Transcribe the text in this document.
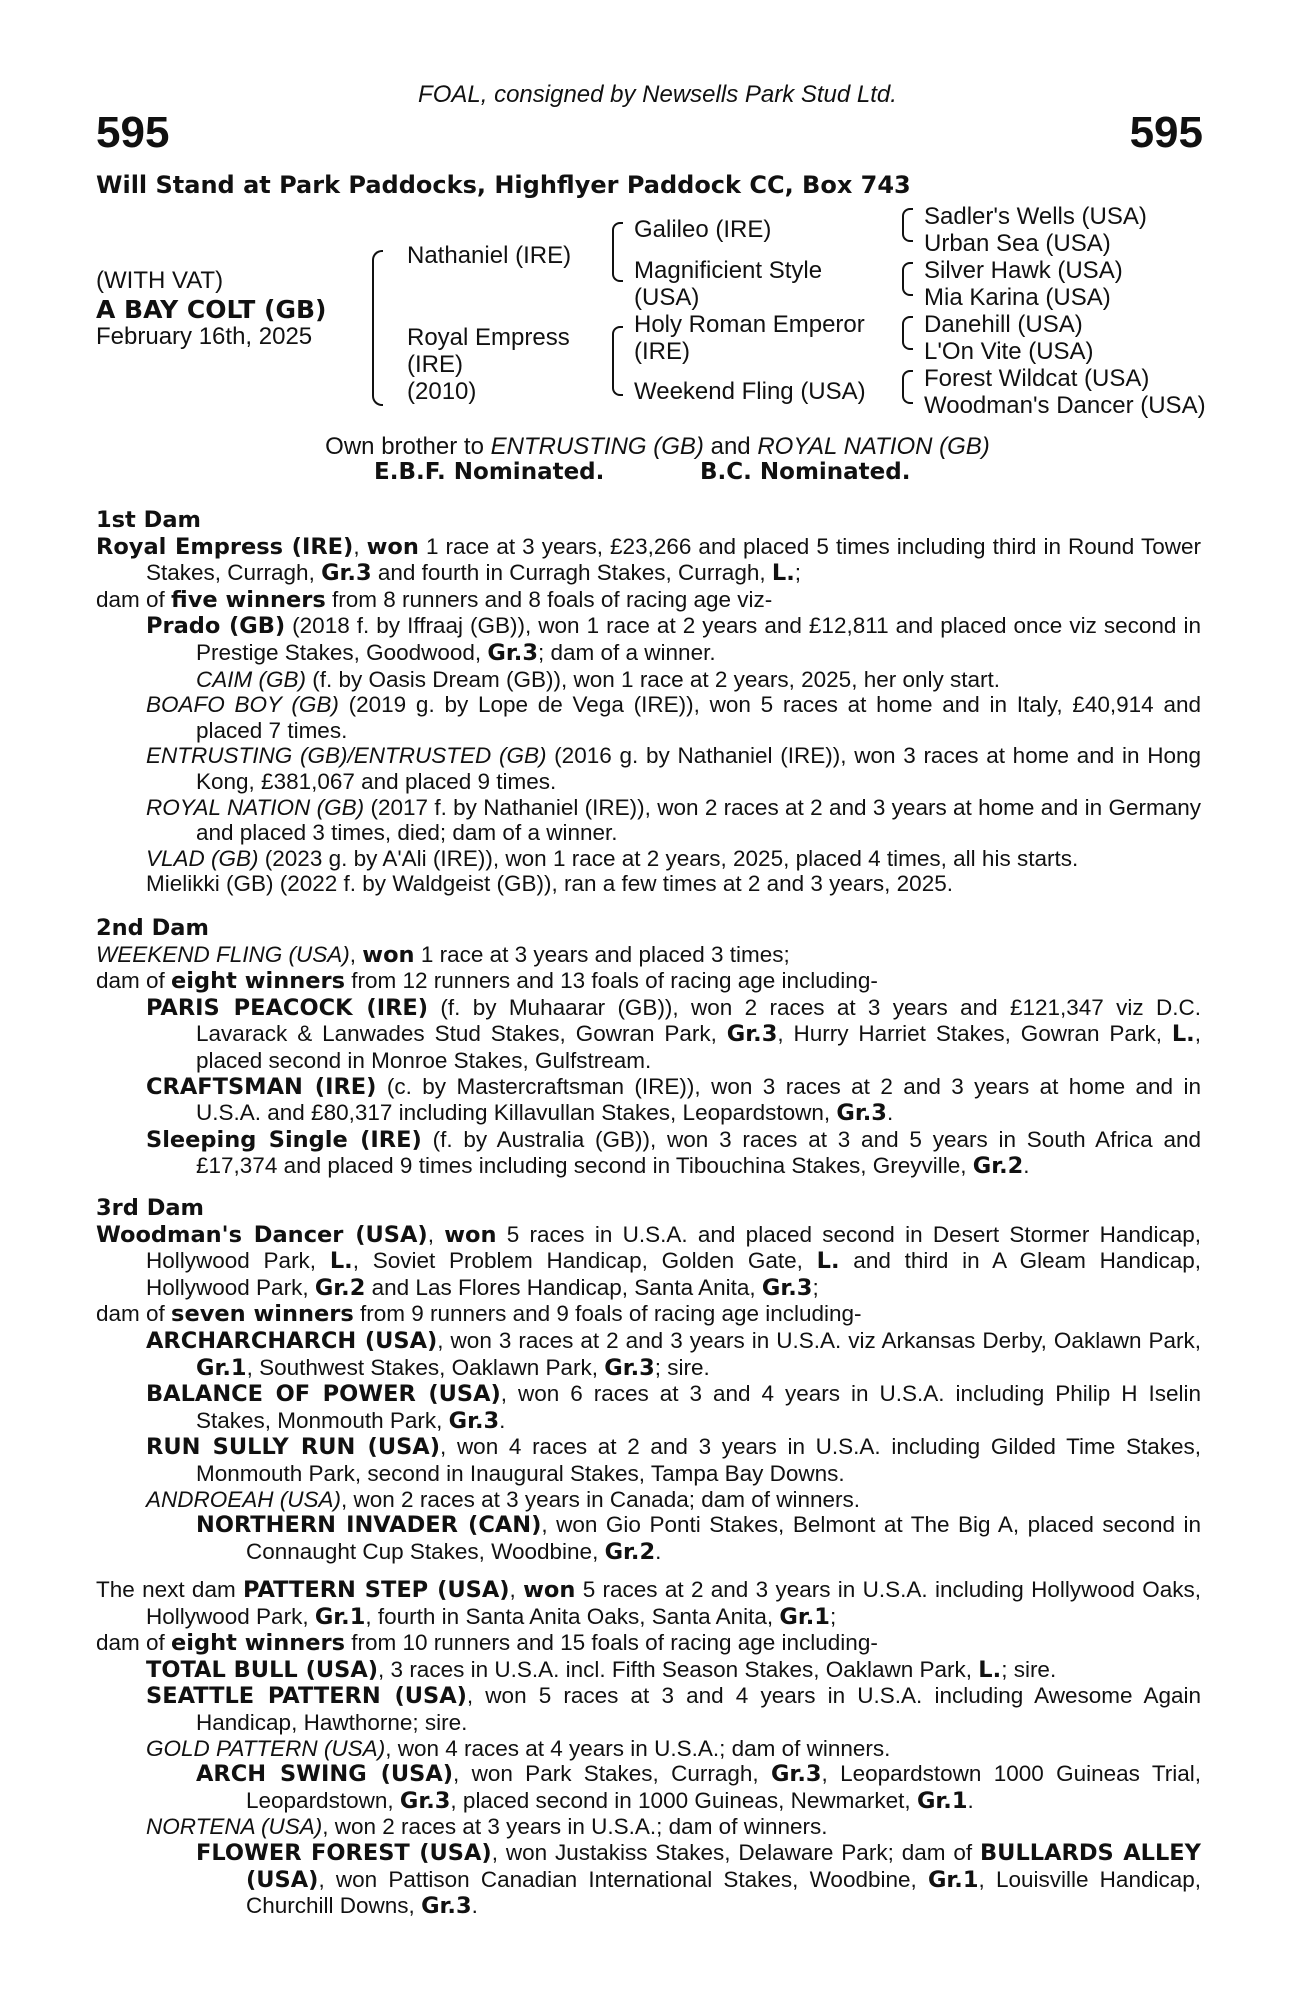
FOAL, consigned by Newsells Park Stud Ltd.
595	595
Will Stand at Park Paddocks, Highflyer Paddock CC, Box 743
(WITH VAT)
A BAY COLT (GB)
February 16th, 2025
Nathaniel (IRE)
Royal Empress
(IRE)
(2010)
Galileo (IRE)
Magnificient Style
(USA)
Holy Roman Emperor
(IRE)
Weekend Fling (USA)
Sadler's Wells (USA)
Urban Sea (USA)
Silver Hawk (USA)
Mia Karina (USA)
Danehill (USA)
L'On Vite (USA)
Forest Wildcat (USA)
Woodman's Dancer (USA)
Own brother to ENTRUSTING (GB) and ROYAL NATION (GB)
E.B.F. Nominated.	B.C. Nominated.

1st Dam

Royal Empress (IRE), won 1 race at 3 years, £23,266 and placed 5 times including third in Round Tower Stakes, Curragh, Gr.3 and fourth in Curragh Stakes, Curragh, L.;

dam of five winners from 8 runners and 8 foals of racing age viz-

Prado (GB) (2018 f. by Iffraaj (GB)), won 1 race at 2 years and £12,811 and placed once viz second in Prestige Stakes, Goodwood, Gr.3; dam of a winner.

CAIM (GB) (f. by Oasis Dream (GB)), won 1 race at 2 years, 2025, her only start.

BOAFO BOY (GB) (2019 g. by Lope de Vega (IRE)), won 5 races at home and in Italy, £40,914 and placed 7 times.

ENTRUSTING (GB)/ENTRUSTED (GB) (2016 g. by Nathaniel (IRE)), won 3 races at home and in Hong Kong, £381,067 and placed 9 times.

ROYAL NATION (GB) (2017 f. by Nathaniel (IRE)), won 2 races at 2 and 3 years at home and in Germany and placed 3 times, died; dam of a winner.

VLAD (GB) (2023 g. by A'Ali (IRE)), won 1 race at 2 years, 2025, placed 4 times, all his starts.

Mielikki (GB) (2022 f. by Waldgeist (GB)), ran a few times at 2 and 3 years, 2025.

2nd Dam

WEEKEND FLING (USA), won 1 race at 3 years and placed 3 times;

dam of eight winners from 12 runners and 13 foals of racing age including-

PARIS PEACOCK (IRE) (f. by Muhaarar (GB)), won 2 races at 3 years and £121,347 viz D.C. Lavarack & Lanwades Stud Stakes, Gowran Park, Gr.3, Hurry Harriet Stakes, Gowran Park, L., placed second in Monroe Stakes, Gulfstream.

CRAFTSMAN (IRE) (c. by Mastercraftsman (IRE)), won 3 races at 2 and 3 years at home and in U.S.A. and £80,317 including Killavullan Stakes, Leopardstown, Gr.3.

Sleeping Single (IRE) (f. by Australia (GB)), won 3 races at 3 and 5 years in South Africa and £17,374 and placed 9 times including second in Tibouchina Stakes, Greyville, Gr.2.

3rd Dam

Woodman's Dancer (USA), won 5 races in U.S.A. and placed second in Desert Stormer Handicap, Hollywood Park, L., Soviet Problem Handicap, Golden Gate, L. and third in A Gleam Handicap, Hollywood Park, Gr.2 and Las Flores Handicap, Santa Anita, Gr.3;

dam of seven winners from 9 runners and 9 foals of racing age including-

ARCHARCHARCH (USA), won 3 races at 2 and 3 years in U.S.A. viz Arkansas Derby, Oaklawn Park, Gr.1, Southwest Stakes, Oaklawn Park, Gr.3; sire.

BALANCE OF POWER (USA), won 6 races at 3 and 4 years in U.S.A. including Philip H Iselin Stakes, Monmouth Park, Gr.3.

RUN SULLY RUN (USA), won 4 races at 2 and 3 years in U.S.A. including Gilded Time Stakes, Monmouth Park, second in Inaugural Stakes, Tampa Bay Downs.

ANDROEAH (USA), won 2 races at 3 years in Canada; dam of winners.

NORTHERN INVADER (CAN), won Gio Ponti Stakes, Belmont at The Big A, placed second in Connaught Cup Stakes, Woodbine, Gr.2.

The next dam PATTERN STEP (USA), won 5 races at 2 and 3 years in U.S.A. including Hollywood Oaks, Hollywood Park, Gr.1, fourth in Santa Anita Oaks, Santa Anita, Gr.1;

dam of eight winners from 10 runners and 15 foals of racing age including-

TOTAL BULL (USA), 3 races in U.S.A. incl. Fifth Season Stakes, Oaklawn Park, L.; sire.

SEATTLE PATTERN (USA), won 5 races at 3 and 4 years in U.S.A. including Awesome Again Handicap, Hawthorne; sire.

GOLD PATTERN (USA), won 4 races at 4 years in U.S.A.; dam of winners.

ARCH SWING (USA), won Park Stakes, Curragh, Gr.3, Leopardstown 1000 Guineas Trial, Leopardstown, Gr.3, placed second in 1000 Guineas, Newmarket, Gr.1.

NORTENA (USA), won 2 races at 3 years in U.S.A.; dam of winners.

FLOWER FOREST (USA), won Justakiss Stakes, Delaware Park; dam of BULLARDS ALLEY (USA), won Pattison Canadian International Stakes, Woodbine, Gr.1, Louisville Handicap, Churchill Downs, Gr.3.
